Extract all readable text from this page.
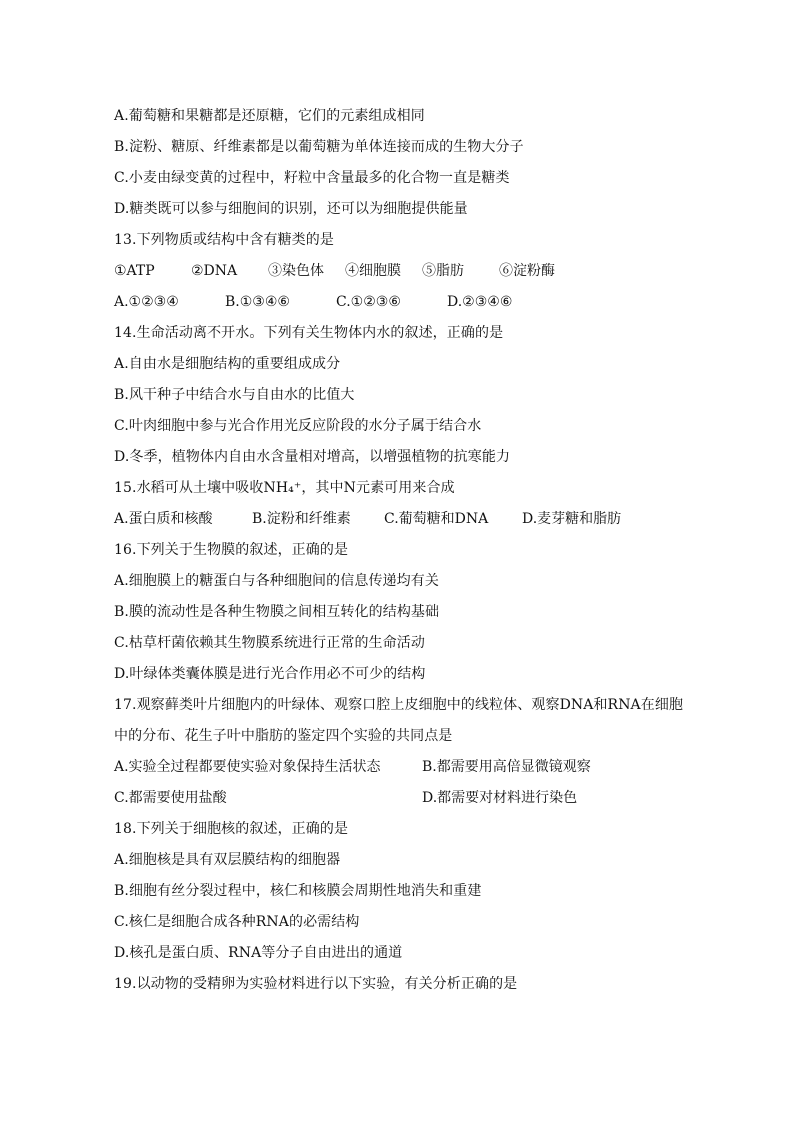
A.葡萄糖和果糖都是还原糖，它们的元素组成相同
B.淀粉、糖原、纤维素都是以葡萄糖为单体连接而成的生物大分子
C.小麦由绿变黄的过程中，籽粒中含量最多的化合物一直是糖类
D.糖类既可以参与细胞间的识别，还可以为细胞提供能量
13.下列物质或结构中含有糖类的是
①ATP	②DNA	③染色体	④细胞膜	⑤脂肪	⑥淀粉酶
A.①②③④	B.①③④⑥	C.①②③⑥	D.②③④⑥
14.生命活动离不开水。下列有关生物体内水的叙述，正确的是
A.自由水是细胞结构的重要组成成分
B.风干种子中结合水与自由水的比值大
C.叶肉细胞中参与光合作用光反应阶段的水分子属于结合水
D.冬季，植物体内自由水含量相对增高，以增强植物的抗寒能力
15.水稻可从土壤中吸收NH₄⁺，其中N元素可用来合成
A.蛋白质和核酸	B.淀粉和纤维素	C.葡萄糖和DNA	D.麦芽糖和脂肪
16.下列关于生物膜的叙述，正确的是
A.细胞膜上的糖蛋白与各种细胞间的信息传递均有关
B.膜的流动性是各种生物膜之间相互转化的结构基础
C.枯草杆菌依赖其生物膜系统进行正常的生命活动
D.叶绿体类囊体膜是进行光合作用必不可少的结构
17.观察藓类叶片细胞内的叶绿体、观察口腔上皮细胞中的线粒体、观察DNA和RNA在细胞
中的分布、花生子叶中脂肪的鉴定四个实验的共同点是
A.实验全过程都要使实验对象保持生活状态	B.都需要用高倍显微镜观察
C.都需要使用盐酸	D.都需要对材料进行染色
18.下列关于细胞核的叙述，正确的是
A.细胞核是具有双层膜结构的细胞器
B.细胞有丝分裂过程中，核仁和核膜会周期性地消失和重建
C.核仁是细胞合成各种RNA的必需结构
D.核孔是蛋白质、RNA等分子自由进出的通道
19.以动物的受精卵为实验材料进行以下实验，有关分析正确的是
